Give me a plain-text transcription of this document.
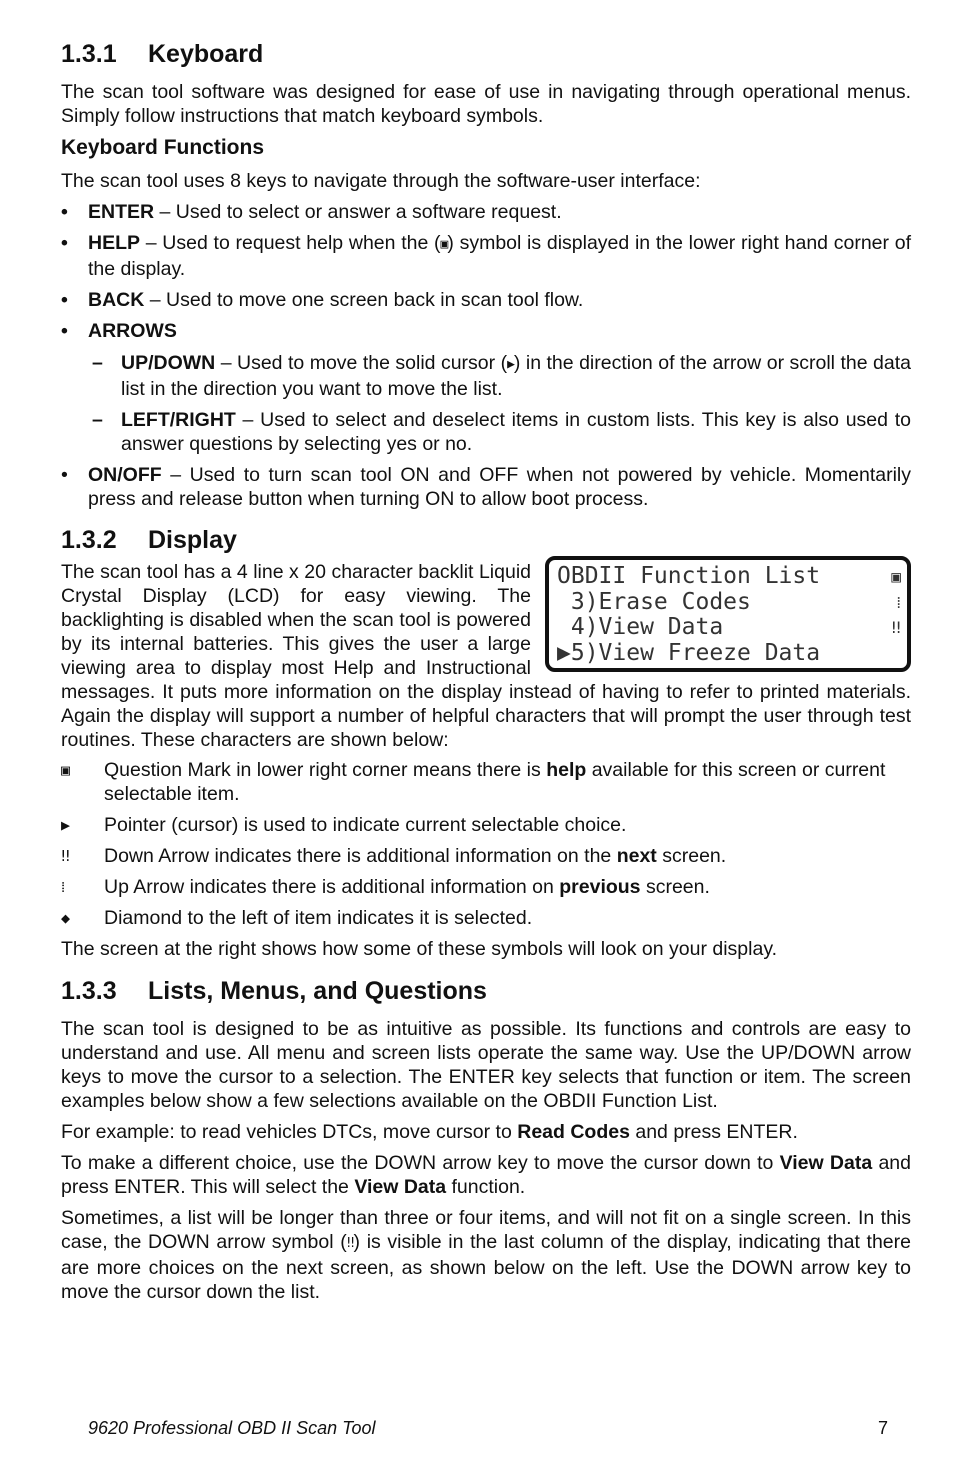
1.3.1 Keyboard

The scan tool software was designed for ease of use in navigating through operational menus. Simply follow instructions that match keyboard symbols.

Keyboard Functions

The scan tool uses 8 keys to navigate through the software-user interface:

• ENTER – Used to select or answer a software request.
• HELP – Used to request help when the (▣) symbol is displayed in the lower right hand corner of the display.
• BACK – Used to move one screen back in scan tool flow.
• ARROWS
– UP/DOWN – Used to move the solid cursor (▶) in the direction of the arrow or scroll the data list in the direction you want to move the list.
– LEFT/RIGHT – Used to select and deselect items in custom lists. This key is also used to answer questions by selecting yes or no.
• ON/OFF – Used to turn scan tool ON and OFF when not powered by vehicle. Momentarily press and release button when turning ON to allow boot process.
1.3.2 Display
OBDII Function List	▣
3)Erase Codes	⁞
4)View Data	‼
▶5)View Freeze Data

The scan tool has a 4 line x 20 character backlit Liquid Crystal Display (LCD) for easy viewing. The backlighting is disabled when the scan tool is powered by its internal batteries. This gives the user a large viewing area to display most Help and Instructional messages. It puts more information on the display instead of having to refer to printed materials. Again the display will support a number of helpful characters that will prompt the user through test routines. These characters are shown below:

▣ Question Mark in lower right corner means there is help available for this screen or current selectable item.
▶ Pointer (cursor) is used to indicate current selectable choice.
‼ Down Arrow indicates there is additional information on the next screen.
⁞ Up Arrow indicates there is additional information on previous screen.
◆ Diamond to the left of item indicates it is selected.

The screen at the right shows how some of these symbols will look on your display.

1.3.3 Lists, Menus, and Questions

The scan tool is designed to be as intuitive as possible. Its functions and controls are easy to understand and use. All menu and screen lists operate the same way. Use the UP/DOWN arrow keys to move the cursor to a selection. The ENTER key selects that function or item. The screen examples below show a few selections available on the OBDII Function List.

For example: to read vehicles DTCs, move cursor to Read Codes and press ENTER.

To make a different choice, use the DOWN arrow key to move the cursor down to View Data and press ENTER. This will select the View Data function.

Sometimes, a list will be longer than three or four items, and will not fit on a single screen. In this case, the DOWN arrow symbol (‼) is visible in the last column of the display, indicating that there are more choices on the next screen, as shown below on the left. Use the DOWN arrow key to move the cursor down the list.

9620 Professional OBD II Scan Tool	7
